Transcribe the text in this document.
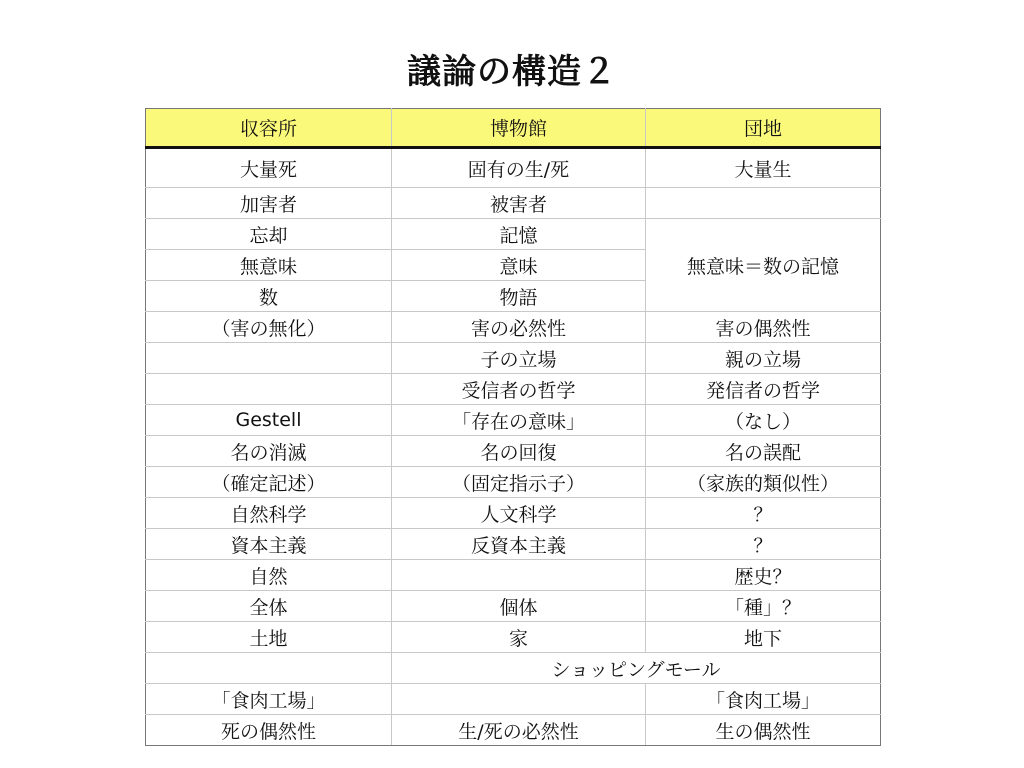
議論の構造２
収容所	博物館	団地
大量死	固有の生/死	大量生
加害者	被害者	
忘却	記憶	無意味＝数の記憶
無意味	意味	
数	物語	
（害の無化）	害の必然性	害の偶然性
	子の立場	親の立場
	受信者の哲学	発信者の哲学
Gestell	「存在の意味」	（なし）
名の消滅	名の回復	名の誤配
（確定記述）	（固定指示子）	（家族的類似性）
自然科学	人文科学	？
資本主義	反資本主義	？
自然		歴史？
全体	個体	「種」？
土地	家	地下
	ショッピングモール	
「食肉工場」		「食肉工場」
死の偶然性	生/死の必然性	生の偶然性
